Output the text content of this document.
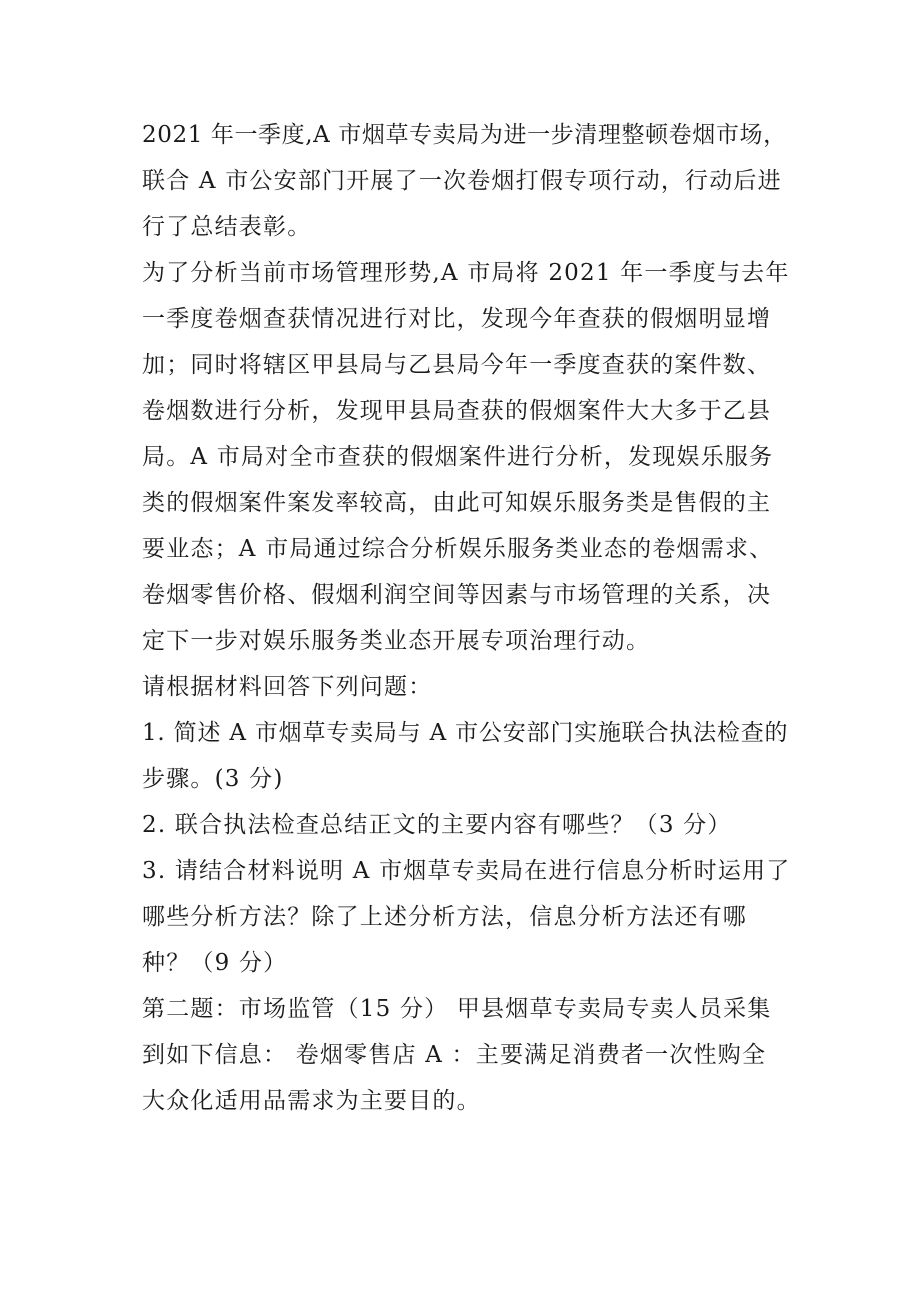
2021 年一季度,A 市烟草专卖局为进一步清理整顿卷烟市场，
联合 A 市公安部门开展了一次卷烟打假专项行动，行动后进
行了总结表彰。
为了分析当前市场管理形势,A 市局将 2021 年一季度与去年
一季度卷烟查获情况进行对比，发现今年查获的假烟明显增
加；同时将辖区甲县局与乙县局今年一季度查获的案件数、
卷烟数进行分析，发现甲县局查获的假烟案件大大多于乙县
局。A 市局对全市查获的假烟案件进行分析，发现娱乐服务
类的假烟案件案发率较高，由此可知娱乐服务类是售假的主
要业态；A 市局通过综合分析娱乐服务类业态的卷烟需求、
卷烟零售价格、假烟利润空间等因素与市场管理的关系，决
定下一步对娱乐服务类业态开展专项治理行动。
请根据材料回答下列问题：
1. 简述 A 市烟草专卖局与 A 市公安部门实施联合执法检查的
步骤。(3 分)
2. 联合执法检查总结正文的主要内容有哪些？（3 分）
3. 请结合材料说明 A 市烟草专卖局在进行信息分析时运用了
哪些分析方法？除了上述分析方法，信息分析方法还有哪
种？（9 分）
第二题：市场监管（15 分） 甲县烟草专卖局专卖人员采集
到如下信息： 卷烟零售店 A ：主要满足消费者一次性购全
大众化适用品需求为主要目的。
